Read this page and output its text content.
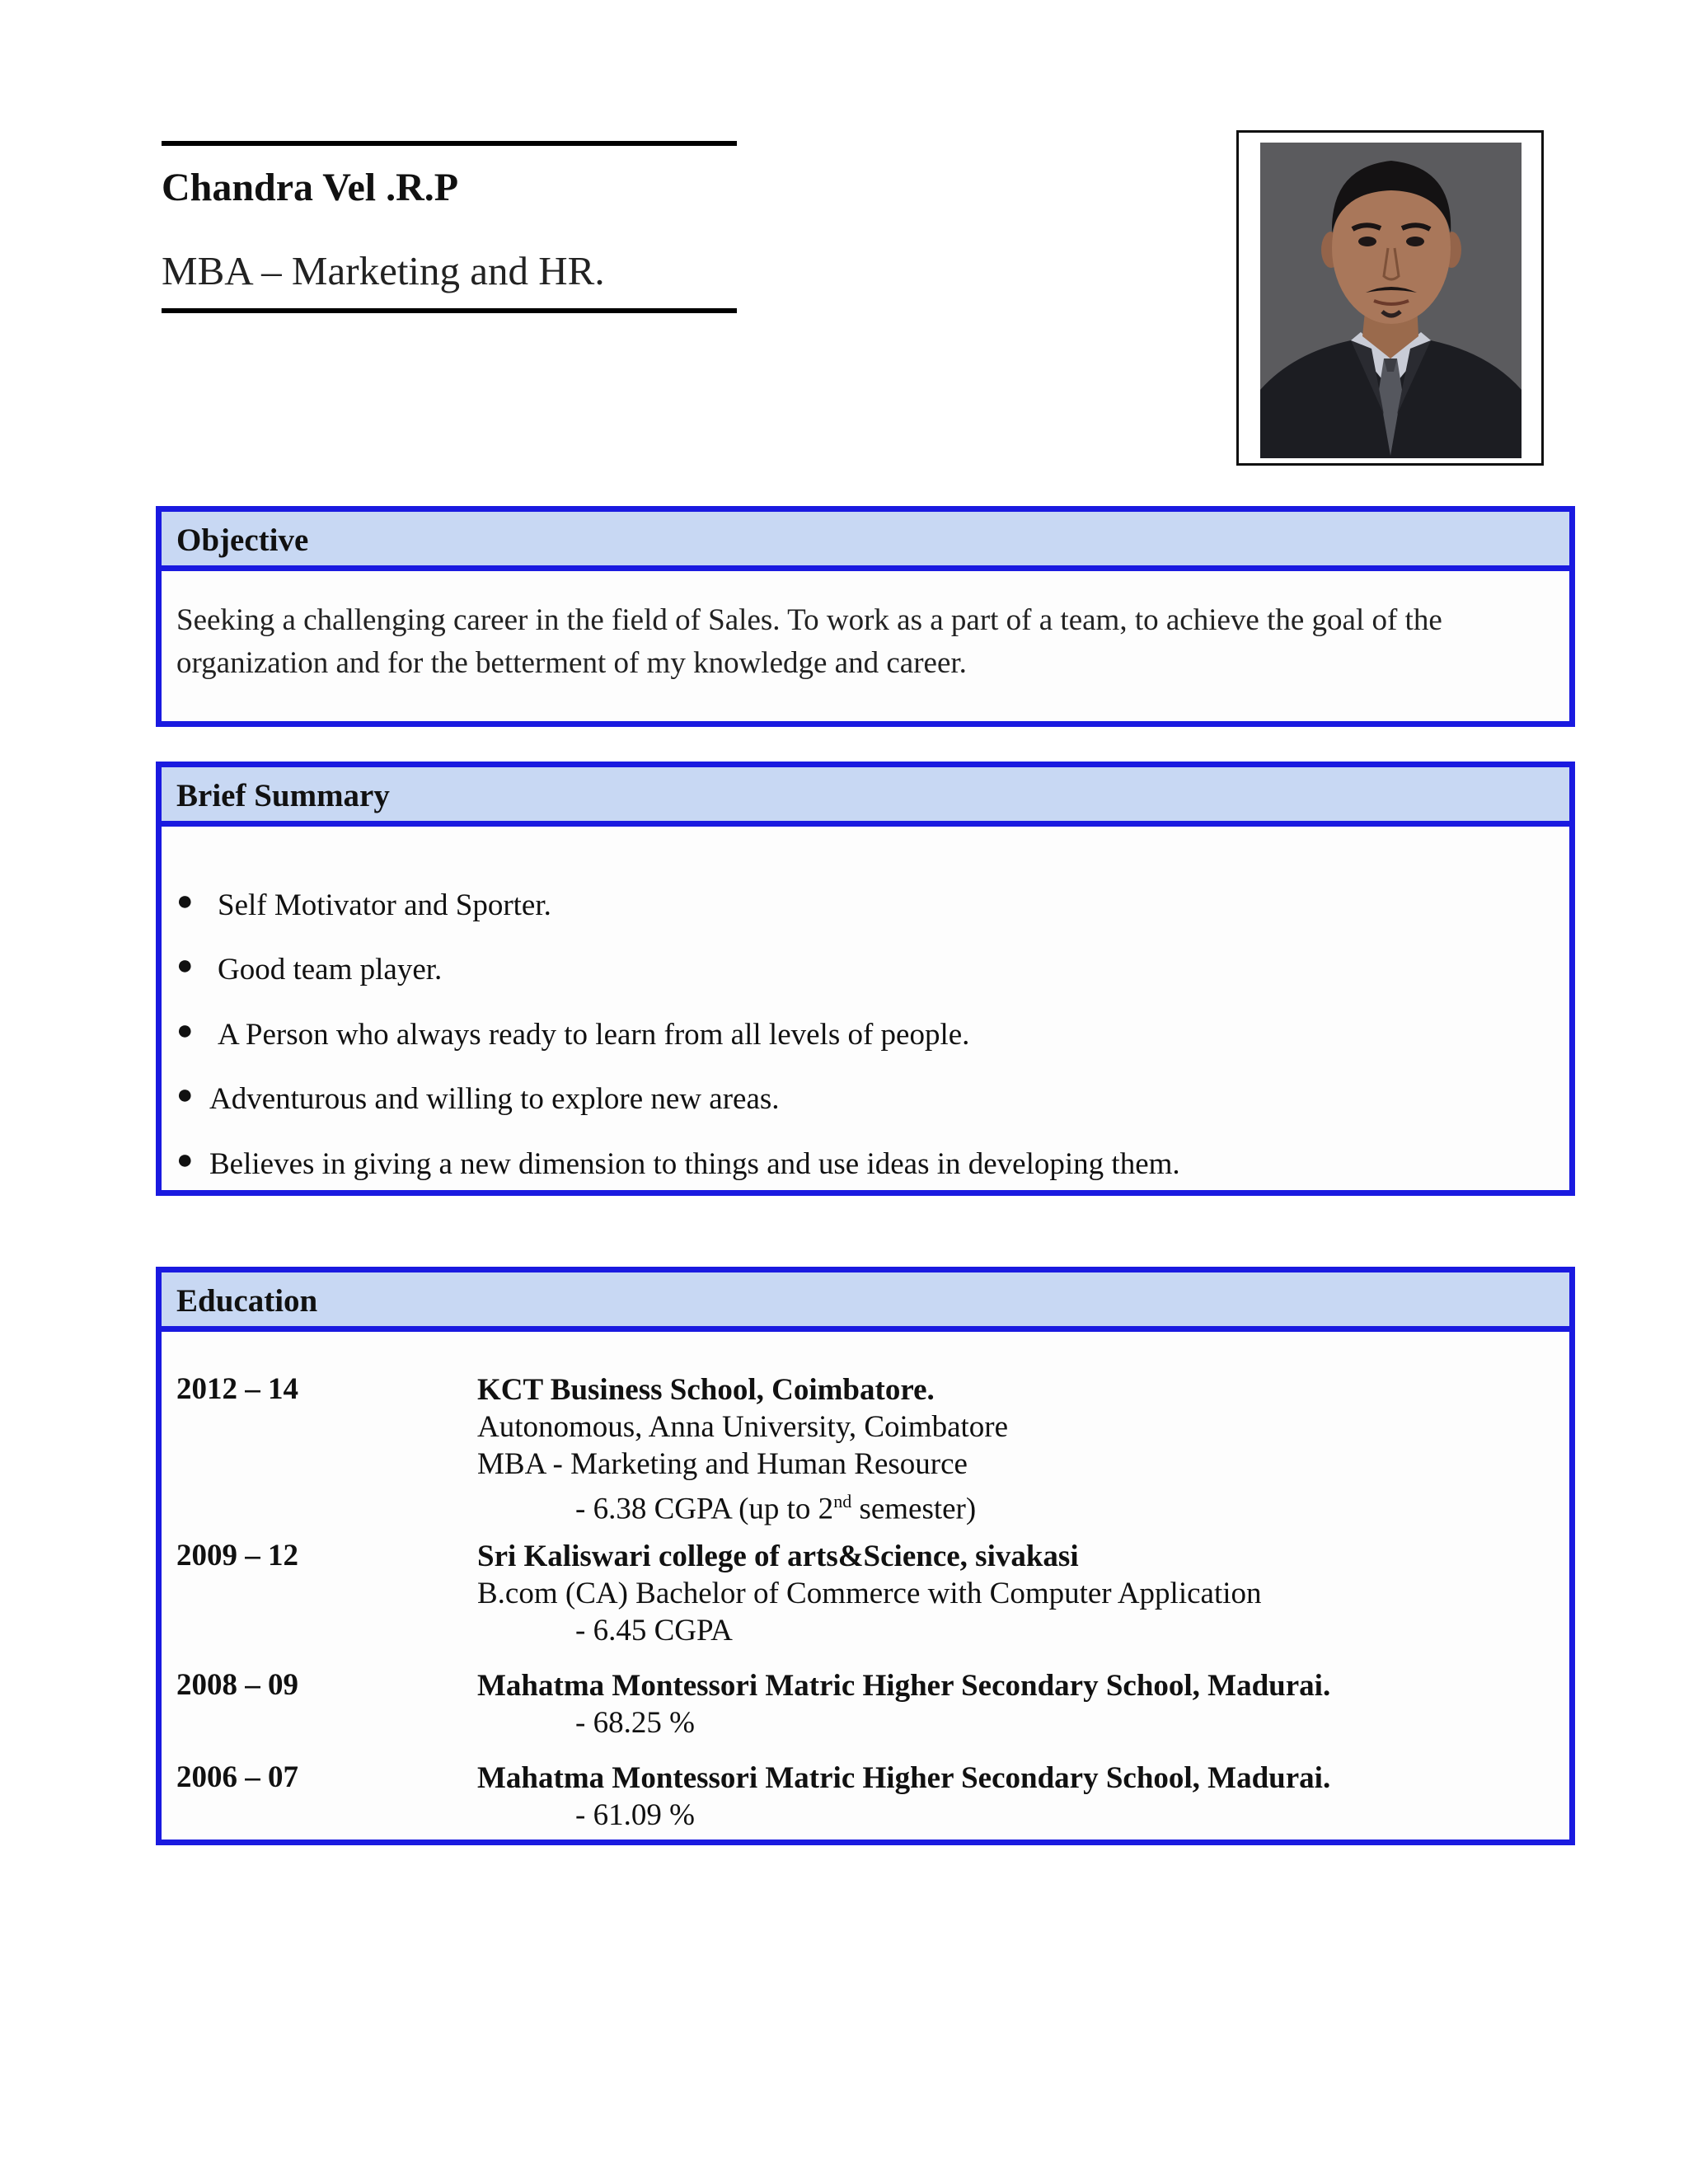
Chandra Vel .R.P
MBA – Marketing and HR.
Objective
Seeking a challenging career in the field of Sales. To work as a part of a team, to achieve the goal of the
organization and for the betterment of my knowledge and career.
Brief Summary
● Self Motivator and Sporter.
● Good team player.
● A Person who always ready to learn from all levels of people.
● Adventurous and willing to explore new areas.
● Believes in giving a new dimension to things and use ideas in developing them.
Education
2012 – 14	KCT Business School, Coimbatore.
Autonomous, Anna University, Coimbatore
MBA - Marketing and Human Resource
- 6.38 CGPA (up to 2nd semester)
2009 – 12	Sri Kaliswari college of arts&Science, sivakasi
B.com (CA) Bachelor of Commerce with Computer Application
- 6.45 CGPA
2008 – 09	Mahatma Montessori Matric Higher Secondary School, Madurai.
- 68.25 %
2006 – 07	Mahatma Montessori Matric Higher Secondary School, Madurai.
- 61.09 %
